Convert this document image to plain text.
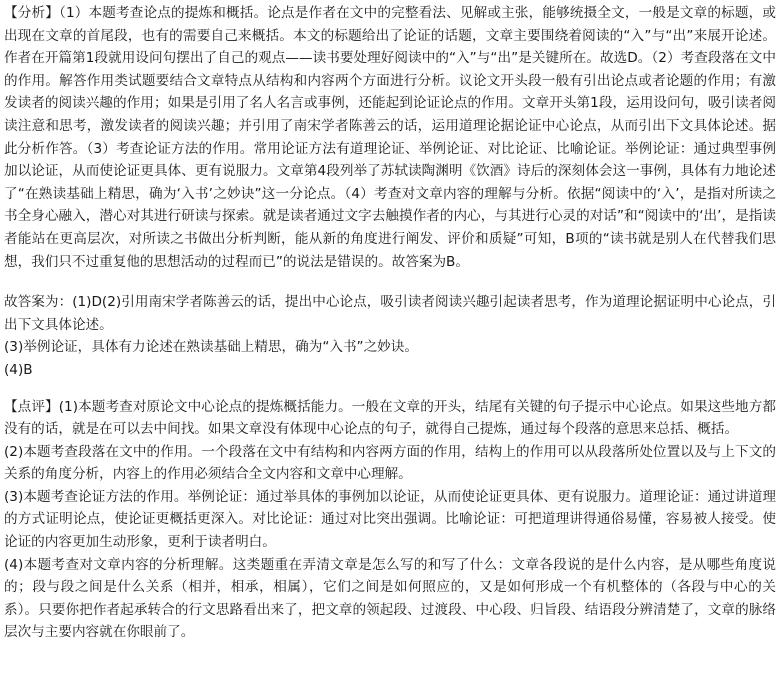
【分析】（1）本题考查论点的提炼和概括。论点是作者在文中的完整看法、见解或主张，能够统摄全文，一般是文章的标题，或出现在文章的首尾段，也有的需要自己来概括。本文的标题给出了论证的话题，文章主要围绕着阅读的“入”与“出”来展开论述。作者在开篇第1段就用设问句摆出了自己的观点——读书要处理好阅读中的“入”与“出”是关键所在。故选D。（2）考查段落在文中的作用。解答作用类试题要结合文章特点从结构和内容两个方面进行分析。议论文开头段一般有引出论点或者论题的作用；有激发读者的阅读兴趣的作用；如果是引用了名人名言或事例，还能起到论证论点的作用。文章开头第1段，运用设问句，吸引读者阅读注意和思考，激发读者的阅读兴趣；并引用了南宋学者陈善云的话，运用道理论据论证中心论点，从而引出下文具体论述。据此分析作答。（3）考查论证方法的作用。常用论证方法有道理论证、举例论证、对比论证、比喻论证。举例论证：通过典型事例加以论证，从而使论证更具体、更有说服力。文章第4段列举了苏轼读陶渊明《饮酒》诗后的深刻体会这一事例，具体有力地论述了“在熟读基础上精思，确为‘入书’之妙诀”这一分论点。（4）考查对文章内容的理解与分析。依据“阅读中的‘入’，是指对所读之书全身心融入，潜心对其进行研读与探索。就是读者通过文字去触摸作者的内心，与其进行心灵的对话”和“阅读中的‘出’，是指读者能站在更高层次，对所读之书做出分析判断，能从新的角度进行阐发、评价和质疑”可知，B项的“读书就是别人在代替我们思想，我们只不过重复他的思想活动的过程而已”的说法是错误的。故答案为B。

故答案为：(1)D(2)引用南宋学者陈善云的话，提出中心论点，吸引读者阅读兴趣引起读者思考，作为道理论据证明中心论点，引出下文具体论述。

(3)举例论证，具体有力论述在熟读基础上精思，确为“入书”之妙诀。

(4)B

【点评】(1)本题考查对原论文中心论点的提炼概括能力。一般在文章的开头，结尾有关键的句子提示中心论点。如果这些地方都没有的话，就是在可以去中间找。如果文章没有体现中心论点的句子，就得自己提炼，通过每个段落的意思来总括、概括。

(2)本题考查段落在文中的作用。一个段落在文中有结构和内容两方面的作用，结构上的作用可以从段落所处位置以及与上下文的关系的角度分析，内容上的作用必须结合全文内容和文章中心理解。

(3)本题考查论证方法的作用。举例论证：通过举具体的事例加以论证，从而使论证更具体、更有说服力。道理论证：通过讲道理的方式证明论点，使论证更概括更深入。对比论证：通过对比突出强调。比喻论证：可把道理讲得通俗易懂，容易被人接受。使论证的内容更加生动形象，更利于读者明白。

(4)本题考查对文章内容的分析理解。这类题重在弄清文章是怎么写的和写了什么：文章各段说的是什么内容，是从哪些角度说的；段与段之间是什么关系（相并，相承，相属），它们之间是如何照应的，又是如何形成一个有机整体的（各段与中心的关系）。只要你把作者起承转合的行文思路看出来了，把文章的领起段、过渡段、中心段、归旨段、结语段分辨清楚了，文章的脉络层次与主要内容就在你眼前了。
